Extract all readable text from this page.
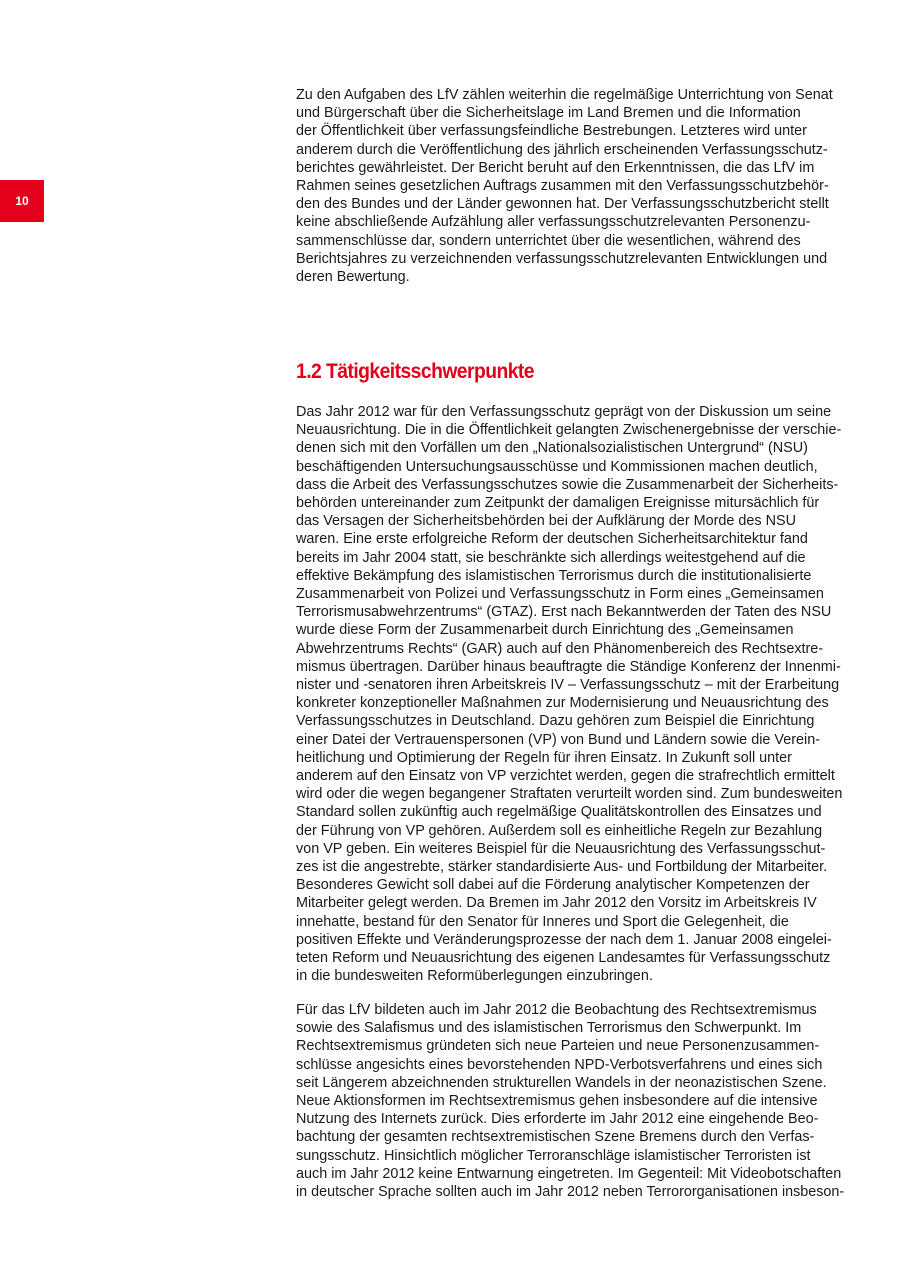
10
Zu den Aufgaben des LfV zählen weiterhin die regelmäßige Unterrichtung von Senat
und Bürgerschaft über die Sicherheitslage im Land Bremen und die Information
der Öffentlichkeit über verfassungsfeindliche Bestrebungen. Letzteres wird unter
anderem durch die Veröffentlichung des jährlich erscheinenden Verfassungsschutz-
berichtes gewährleistet. Der Bericht beruht auf den Erkenntnissen, die das LfV im
Rahmen seines gesetzlichen Auftrags zusammen mit den Verfassungsschutzbehör-
den des Bundes und der Länder gewonnen hat. Der Verfassungsschutzbericht stellt
keine abschließende Aufzählung aller verfassungsschutzrelevanten Personenzu-
sammenschlüsse dar, sondern unterrichtet über die wesentlichen, während des
Berichtsjahres zu verzeichnenden verfassungsschutzrelevanten Entwicklungen und
deren Bewertung.
1.2 Tätigkeitsschwerpunkte
Das Jahr 2012 war für den Verfassungsschutz geprägt von der Diskussion um seine
Neuausrichtung. Die in die Öffentlichkeit gelangten Zwischenergebnisse der verschie-
denen sich mit den Vorfällen um den „Nationalsozialistischen Untergrund“ (NSU)
beschäftigenden Untersuchungsausschüsse und Kommissionen machen deutlich,
dass die Arbeit des Verfassungsschutzes sowie die Zusammenarbeit der Sicherheits-
behörden untereinander zum Zeitpunkt der damaligen Ereignisse mitursächlich für
das Versagen der Sicherheitsbehörden bei der Aufklärung der Morde des NSU
waren. Eine erste erfolgreiche Reform der deutschen Sicherheitsarchitektur fand
bereits im Jahr 2004 statt, sie beschränkte sich allerdings weitestgehend auf die
effektive Bekämpfung des islamistischen Terrorismus durch die institutionalisierte
Zusammenarbeit von Polizei und Verfassungsschutz in Form eines „Gemeinsamen
Terrorismusabwehrzentrums“ (GTAZ). Erst nach Bekanntwerden der Taten des NSU
wurde diese Form der Zusammenarbeit durch Einrichtung des „Gemeinsamen
Abwehrzentrums Rechts“ (GAR) auch auf den Phänomenbereich des Rechtsextre-
mismus übertragen. Darüber hinaus beauftragte die Ständige Konferenz der Innenmi-
nister und -senatoren ihren Arbeitskreis IV – Verfassungsschutz – mit der Erarbeitung
konkreter konzeptioneller Maßnahmen zur Modernisierung und Neuausrichtung des
Verfassungsschutzes in Deutschland. Dazu gehören zum Beispiel die Einrichtung
einer Datei der Vertrauenspersonen (VP) von Bund und Ländern sowie die Verein-
heitlichung und Optimierung der Regeln für ihren Einsatz. In Zukunft soll unter
anderem auf den Einsatz von VP verzichtet werden, gegen die strafrechtlich ermittelt
wird oder die wegen begangener Straftaten verurteilt worden sind. Zum bundesweiten
Standard sollen zukünftig auch regelmäßige Qualitätskontrollen des Einsatzes und
der Führung von VP gehören. Außerdem soll es einheitliche Regeln zur Bezahlung
von VP geben. Ein weiteres Beispiel für die Neuausrichtung des Verfassungsschut-
zes ist die angestrebte, stärker standardisierte Aus- und Fortbildung der Mitarbeiter.
Besonderes Gewicht soll dabei auf die Förderung analytischer Kompetenzen der
Mitarbeiter gelegt werden. Da Bremen im Jahr 2012 den Vorsitz im Arbeitskreis IV
innehatte, bestand für den Senator für Inneres und Sport die Gelegenheit, die
positiven Effekte und Veränderungsprozesse der nach dem 1. Januar 2008 eingelei-
teten Reform und Neuausrichtung des eigenen Landesamtes für Verfassungsschutz
in die bundesweiten Reformüberlegungen einzubringen.
Für das LfV bildeten auch im Jahr 2012 die Beobachtung des Rechtsextremismus
sowie des Salafismus und des islamistischen Terrorismus den Schwerpunkt. Im
Rechtsextremismus gründeten sich neue Parteien und neue Personenzusammen-
schlüsse angesichts eines bevorstehenden NPD-Verbotsverfahrens und eines sich
seit Längerem abzeichnenden strukturellen Wandels in der neonazistischen Szene.
Neue Aktionsformen im Rechtsextremismus gehen insbesondere auf die intensive
Nutzung des Internets zurück. Dies erforderte im Jahr 2012 eine eingehende Beo-
bachtung der gesamten rechtsextremistischen Szene Bremens durch den Verfas-
sungsschutz. Hinsichtlich möglicher Terroranschläge islamistischer Terroristen ist
auch im Jahr 2012 keine Entwarnung eingetreten. Im Gegenteil: Mit Videobotschaften
in deutscher Sprache sollten auch im Jahr 2012 neben Terrororganisationen insbeson-
